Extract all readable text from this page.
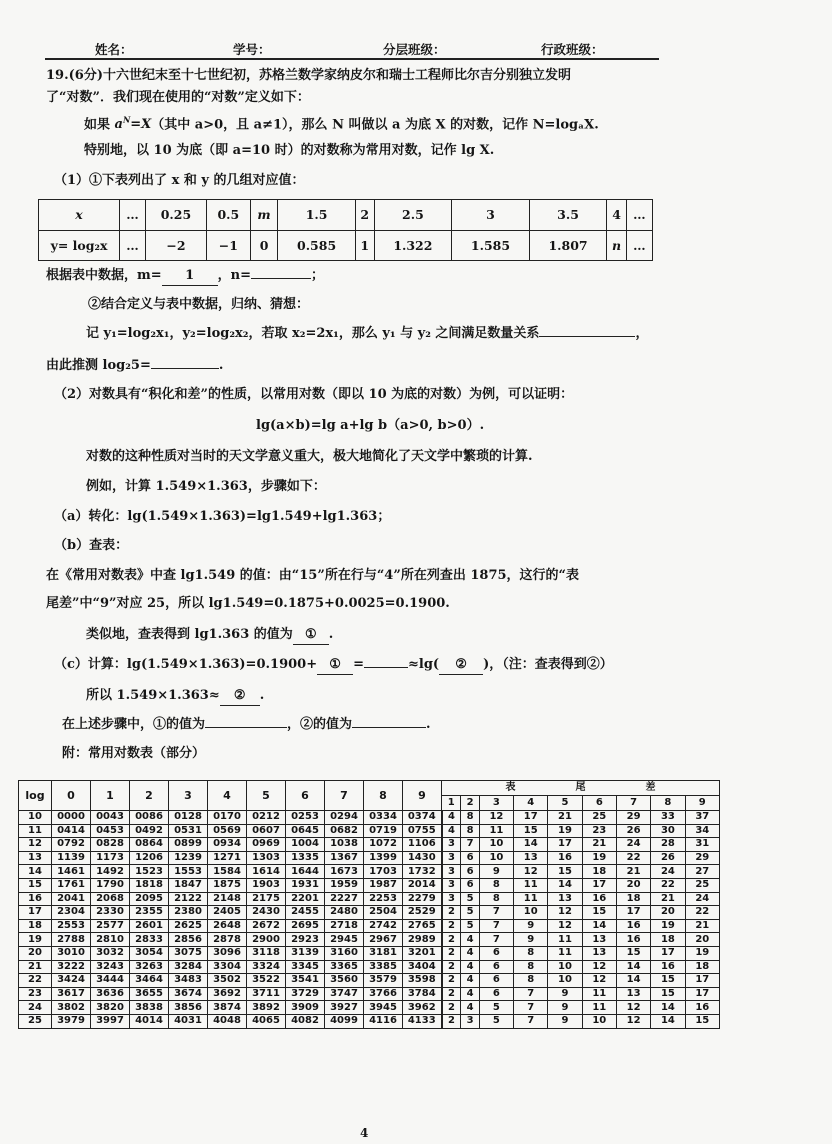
姓名：	学号：	分层班级：	行政班级：
19.(6分)十六世纪末至十七世纪初，苏格兰数学家纳皮尔和瑞士工程师比尔吉分别独立发明
了“对数”．我们现在使用的“对数”定义如下：
如果 $a^N=X$（其中 a>0，且 a≠1），那么 N 叫做以 a 为底 X 的对数，记作 N=logₐX.
特别地，以 10 为底（即 a=10 时）的对数称为常用对数，记作 lg X.
（1）①下表列出了 x 和 y 的几组对应值：
x	…	0.25	0.5	m	1.5	2	2.5	3	3.5	4	…
y= log₂x	…	−2	−1	0	0.585	1	1.322	1.585	1.807	n	…
根据表中数据，m= 1 ，n=	；
②结合定义与表中数据，归纳、猜想：
记 y₁=log₂x₁，y₂=log₂x₂，若取 x₂=2x₁，那么 y₁ 与 y₂ 之间满足数量关系	，
由此推测 log₂5=	.
（2）对数具有“积化和差”的性质，以常用对数（即以 10 为底的对数）为例，可以证明：
lg(a×b)=lg a+lg b（a>0, b>0）.
对数的这种性质对当时的天文学意义重大，极大地简化了天文学中繁琐的计算.
例如，计算 1.549×1.363，步骤如下：
（a）转化：lg(1.549×1.363)=lg1.549+lg1.363；
（b）查表：
在《常用对数表》中查 lg1.549 的值：由“15”所在行与“4”所在列查出 1875，这行的“表
尾差”中“9”对应 25，所以 lg1.549=0.1875+0.0025=0.1900.
类似地，查表得到 lg1.363 的值为 ① .
（c）计算：lg(1.549×1.363)=0.1900+ ① =	≈lg( ② )，（注：查表得到②）
所以 1.549×1.363≈ ② .
在上述步骤中，①的值为	，②的值为	.
附：常用对数表（部分）
log	0	1	2	3	4	5	6	7	8	9	表 尾 差								
											1	2	3	4	5	6	7	8	9
10	0000	0043	0086	0128	0170	0212	0253	0294	0334	0374	4	8	12	17	21	25	29	33	37
11	0414	0453	0492	0531	0569	0607	0645	0682	0719	0755	4	8	11	15	19	23	26	30	34
12	0792	0828	0864	0899	0934	0969	1004	1038	1072	1106	3	7	10	14	17	21	24	28	31
13	1139	1173	1206	1239	1271	1303	1335	1367	1399	1430	3	6	10	13	16	19	22	26	29
14	1461	1492	1523	1553	1584	1614	1644	1673	1703	1732	3	6	9	12	15	18	21	24	27
15	1761	1790	1818	1847	1875	1903	1931	1959	1987	2014	3	6	8	11	14	17	20	22	25
16	2041	2068	2095	2122	2148	2175	2201	2227	2253	2279	3	5	8	11	13	16	18	21	24
17	2304	2330	2355	2380	2405	2430	2455	2480	2504	2529	2	5	7	10	12	15	17	20	22
18	2553	2577	2601	2625	2648	2672	2695	2718	2742	2765	2	5	7	9	12	14	16	19	21
19	2788	2810	2833	2856	2878	2900	2923	2945	2967	2989	2	4	7	9	11	13	16	18	20
20	3010	3032	3054	3075	3096	3118	3139	3160	3181	3201	2	4	6	8	11	13	15	17	19
21	3222	3243	3263	3284	3304	3324	3345	3365	3385	3404	2	4	6	8	10	12	14	16	18
22	3424	3444	3464	3483	3502	3522	3541	3560	3579	3598	2	4	6	8	10	12	14	15	17
23	3617	3636	3655	3674	3692	3711	3729	3747	3766	3784	2	4	6	7	9	11	13	15	17
24	3802	3820	3838	3856	3874	3892	3909	3927	3945	3962	2	4	5	7	9	11	12	14	16
25	3979	3997	4014	4031	4048	4065	4082	4099	4116	4133	2	3	5	7	9	10	12	14	15
4
